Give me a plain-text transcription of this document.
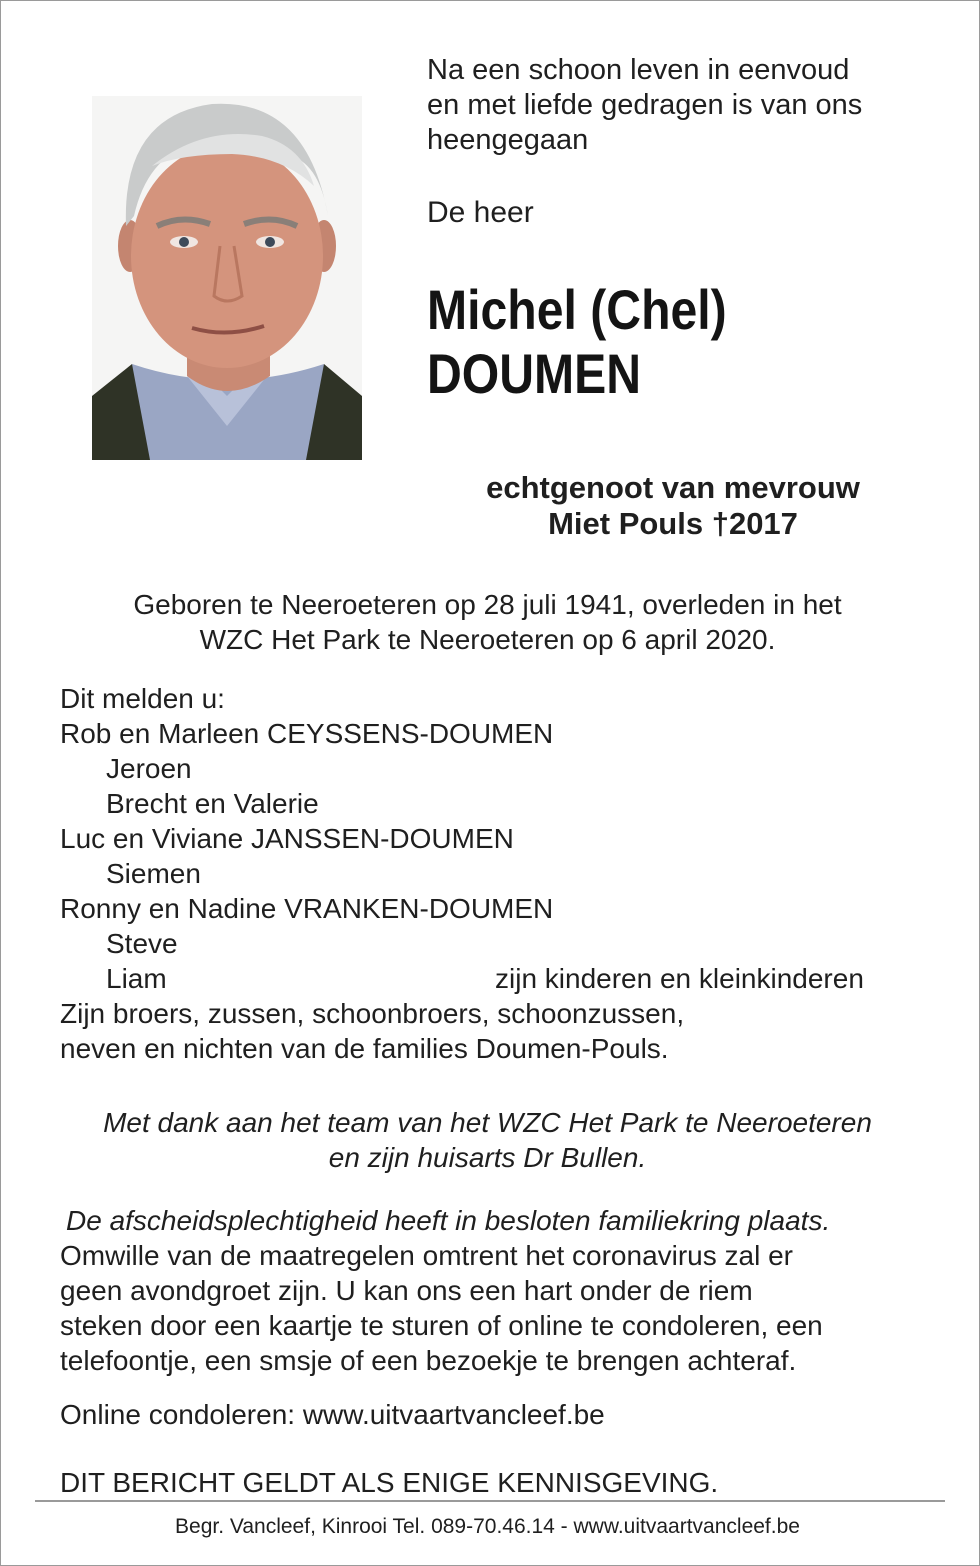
Na een schoon leven in eenvoud
en met liefde gedragen is van ons
heengegaan
De heer
Michel (Chel)
DOUMEN
echtgenoot van mevrouw
Miet Pouls †2017
Geboren te Neeroeteren op 28 juli 1941, overleden in het
WZC Het Park te Neeroeteren op 6 april 2020.
Dit melden u:
Rob en Marleen CEYSSENS-DOUMEN
Jeroen
Brecht en Valerie
Luc en Viviane JANSSEN-DOUMEN
Siemen
Ronny en Nadine VRANKEN-DOUMEN
Steve
Liam	zijn kinderen en kleinkinderen
Zijn broers, zussen, schoonbroers, schoonzussen,
neven en nichten van de families Doumen-Pouls.
Met dank aan het team van het WZC Het Park te Neeroeteren
en zijn huisarts Dr Bullen.
De afscheidsplechtigheid heeft in besloten familiekring plaats.
Omwille van de maatregelen omtrent het coronavirus zal er
geen avondgroet zijn. U kan ons een hart onder de riem
steken door een kaartje te sturen of online te condoleren, een
telefoontje, een smsje of een bezoekje te brengen achteraf.
Online condoleren: www.uitvaartvancleef.be
DIT BERICHT GELDT ALS ENIGE KENNISGEVING.
Begr. Vancleef, Kinrooi Tel. 089-70.46.14 - www.uitvaartvancleef.be
